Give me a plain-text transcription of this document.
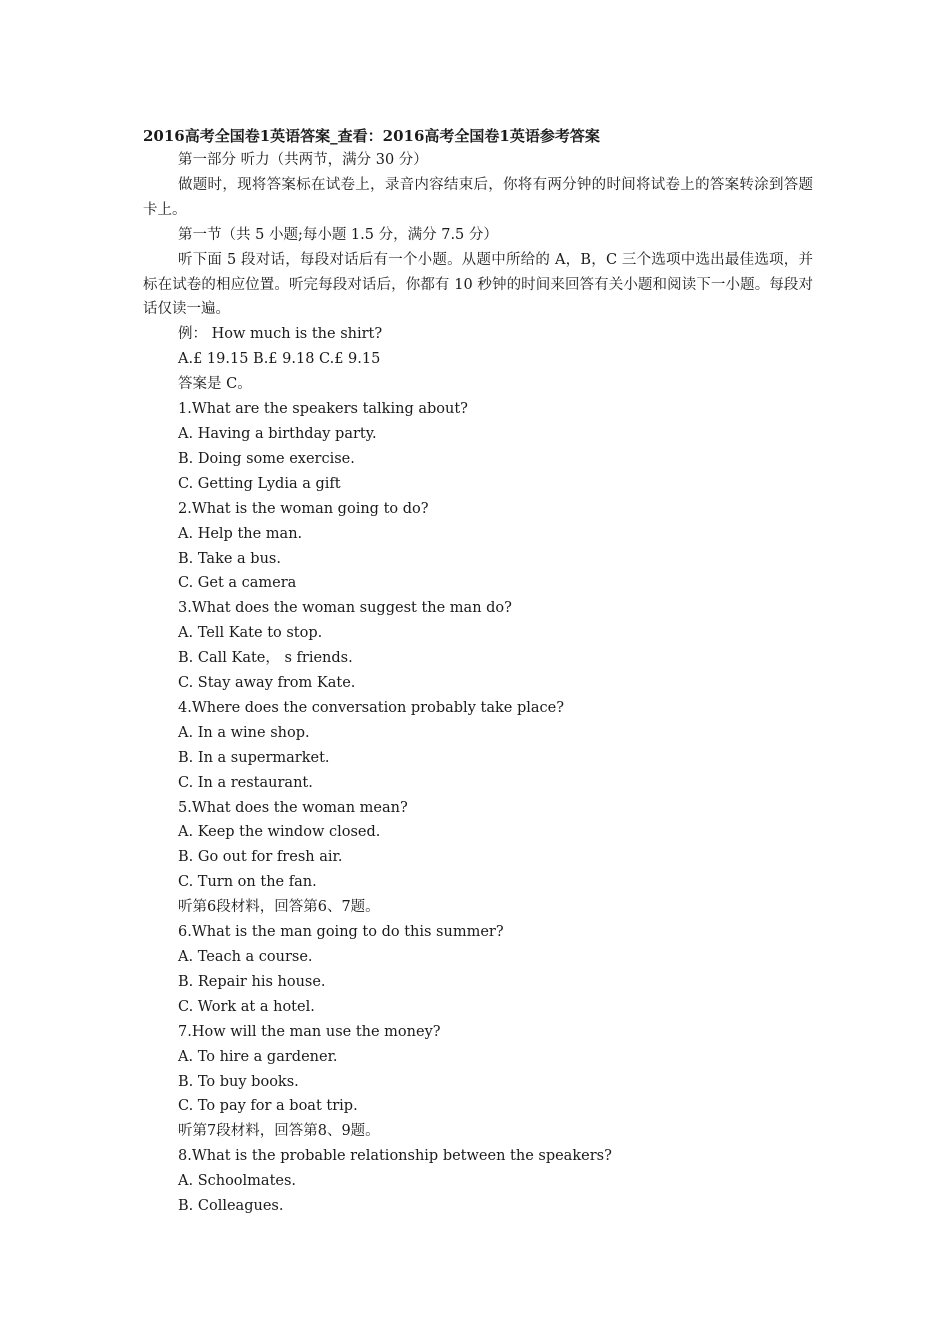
2016高考全国卷1英语答案_查看：2016高考全国卷1英语参考答案

第一部分 听力（共两节，满分 30 分）

做题时，现将答案标在试卷上，录音内容结束后，你将有两分钟的时间将试卷上的答案转涂到答题卡上。

第一节（共 5 小题;每小题 1.5 分，满分 7.5 分）

听下面 5 段对话，每段对话后有一个小题。从题中所给的 A，B，C 三个选项中选出最佳选项，并标在试卷的相应位置。听完每段对话后，你都有 10 秒钟的时间来回答有关小题和阅读下一小题。每段对话仅读一遍。

例： How much is the shirt?

A.£ 19.15 B.£ 9.18 C.£ 9.15

答案是 C。

1.What are the speakers talking about?

A. Having a birthday party.

B. Doing some exercise.

C. Getting Lydia a gift

2.What is the woman going to do?

A. Help the man.

B. Take a bus.

C. Get a camera

3.What does the woman suggest the man do?

A. Tell Kate to stop.

B. Call Kate， s friends.

C. Stay away from Kate.

4.Where does the conversation probably take place?

A. In a wine shop.

B. In a supermarket.

C. In a restaurant.

5.What does the woman mean?

A. Keep the window closed.

B. Go out for fresh air.

C. Turn on the fan.

听第6段材料，回答第6、7题。

6.What is the man going to do this summer?

A. Teach a course.

B. Repair his house.

C. Work at a hotel.

7.How will the man use the money?

A. To hire a gardener.

B. To buy books.

C. To pay for a boat trip.

听第7段材料，回答第8、9题。

8.What is the probable relationship between the speakers?

A. Schoolmates.

B. Colleagues.
